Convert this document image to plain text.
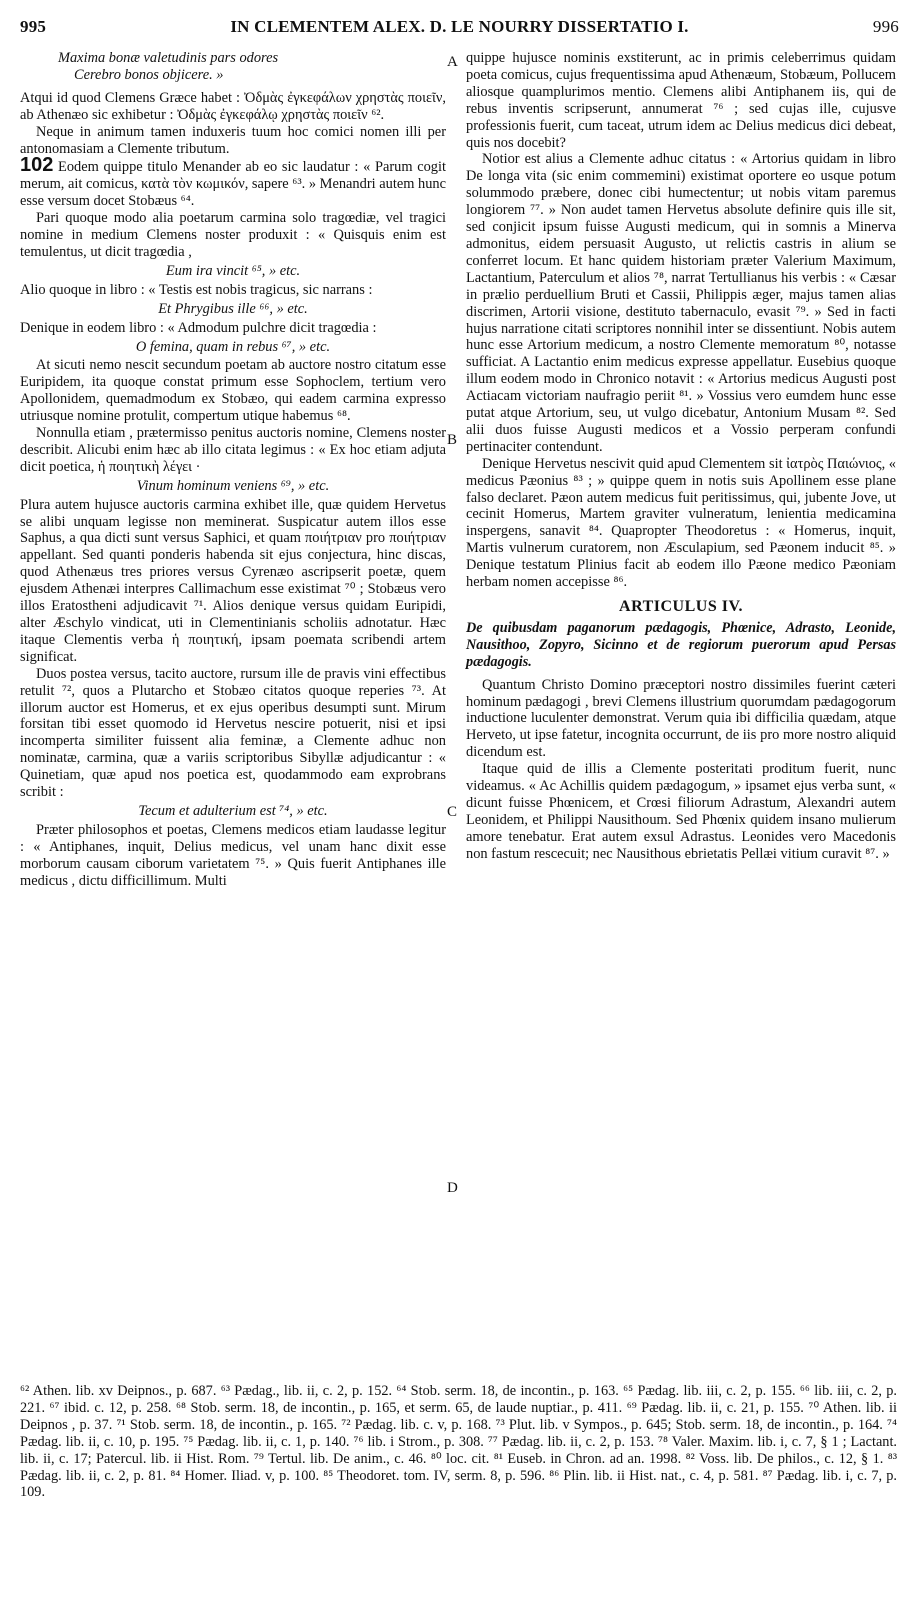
995	IN CLEMENTEM ALEX. D. LE NOURRY DISSERTATIO I.	996
A
B
C
D
Maxima bonæ valetudinis pars odores
Cerebro bonos objicere. »

Atqui id quod Clemens Græce habet : Ὀδμὰς ἐγκεφάλων χρηστὰς ποιεῖν, ab Athenæo sic exhibetur : Ὀδμὰς ἐγκεφάλῳ χρηστὰς ποιεῖν ⁶².

Neque in animum tamen induxeris tuum hoc comici nomen illi per antonomasiam a Clemente tributum.

102 Eodem quippe titulo Menander ab eo sic laudatur : « Parum cogit merum, ait comicus, κατὰ τὸν κωμικόν, sapere ⁶³. » Menandri autem hunc esse versum docet Stobæus ⁶⁴.

Pari quoque modo alia poetarum carmina solo tragœdiæ, vel tragici nomine in medium Clemens noster produxit : « Quisquis enim est temulentus, ut dicit tragœdia ,

Eum ira vincit ⁶⁵, » etc.

Alio quoque in libro : « Testis est nobis tragicus, sic narrans :

Et Phrygibus ille ⁶⁶, » etc.

Denique in eodem libro : « Admodum pulchre dicit tragœdia :

O femina, quam in rebus ⁶⁷, » etc.

At sicuti nemo nescit secundum poetam ab auctore nostro citatum esse Euripidem, ita quoque constat primum esse Sophoclem, tertium vero Apollonidem, quemadmodum ex Stobæo, qui eadem carmina expresso utriusque nomine protulit, compertum utique habemus ⁶⁸.

Nonnulla etiam , prætermisso penitus auctoris nomine, Clemens noster describit. Alicubi enim hæc ab illo citata legimus : « Ex hoc etiam adjuta dicit poetica, ἡ ποιητικὴ λέγει ·

Vinum hominum veniens ⁶⁹, » etc.

Plura autem hujusce auctoris carmina exhibet ille, quæ quidem Hervetus se alibi unquam legisse non meminerat. Suspicatur autem illos esse Saphus, a qua dicti sunt versus Saphici, et quam ποιήτριαν pro ποιήτριαν appellant. Sed quanti ponderis habenda sit ejus conjectura, hinc discas, quod Athenæus tres priores versus Cyrenæo ascripserit poetæ, quem ejusdem Athenæi interpres Callimachum esse existimat ⁷⁰ ; Stobæus vero illos Eratostheni adjudicavit ⁷¹. Alios denique versus quidam Euripidi, alter Æschylo vindicat, uti in Clementinianis scholiis adnotatur. Hæc itaque Clementis verba ἡ ποιητική, ipsam poemata scribendi artem significat.

Duos postea versus, tacito auctore, rursum ille de pravis vini effectibus retulit ⁷², quos a Plutarcho et Stobæo citatos quoque reperies ⁷³. At illorum auctor est Homerus, et ex ejus operibus desumpti sunt. Mirum forsitan tibi esset quomodo id Hervetus nescire potuerit, nisi et ipsi incomperta similiter fuissent alia feminæ, a Clemente adhuc non nominatæ, carmina, quæ a variis scriptoribus Sibyllæ adjudicantur : « Quinetiam, quæ apud nos poetica est, quodammodo eam exprobrans scribit :

Tecum et adulterium est ⁷⁴, » etc.

Præter philosophos et poetas, Clemens medicos etiam laudasse legitur : « Antiphanes, inquit, Delius medicus, vel unam hanc dixit esse morborum causam ciborum varietatem ⁷⁵. » Quis fuerit Antiphanes ille medicus , dictu difficillimum. Multi

quippe hujusce nominis exstiterunt, ac in primis celeberrimus quidam poeta comicus, cujus frequentissima apud Athenæum, Stobæum, Pollucem aliosque quamplurimos mentio. Clemens alibi Antiphanem iis, qui de rebus inventis scripserunt, annumerat ⁷⁶ ; sed cujas ille, cujusve professionis fuerit, cum taceat, utrum idem ac Delius medicus dici debeat, quis nos docebit?

Notior est alius a Clemente adhuc citatus : « Artorius quidam in libro De longa vita (sic enim commemini) existimat oportere eo usque potum solummodo præbere, donec cibi humectentur; ut nobis vitam paremus longiorem ⁷⁷. » Non audet tamen Hervetus absolute definire quis ille sit, sed conjicit ipsum fuisse Augusti medicum, qui in somnis a Minerva admonitus, eidem persuasit Augusto, ut relictis castris in alium se conferret locum. Et hanc quidem historiam præter Valerium Maximum, Lactantium, Paterculum et alios ⁷⁸, narrat Tertullianus his verbis : « Cæsar in prælio perduellium Bruti et Cassii, Philippis æger, majus tamen alias discrimen, Artorii visione, destituto tabernaculo, evasit ⁷⁹. » Sed in facti hujus narratione citati scriptores nonnihil inter se dissentiunt. Nobis autem hunc esse Artorium medicum, a nostro Clemente memoratum ⁸⁰, notasse sufficiat. A Lactantio enim medicus expresse appellatur. Eusebius quoque illum eodem modo in Chronico notavit : « Artorius medicus Augusti post Actiacam victoriam naufragio periit ⁸¹. » Vossius vero eumdem hunc esse putat atque Artorium, seu, ut vulgo dicebatur, Antonium Musam ⁸². Sed alii duos fuisse Augusti medicos et a Vossio perperam confundi pertinaciter contendunt.

Denique Hervetus nescivit quid apud Clementem sit ἰατρὸς Παιώνιος, « medicus Pæonius ⁸³ ; » quippe quem in notis suis Apollinem esse plane falso declaret. Pæon autem medicus fuit peritissimus, qui, jubente Jove, ut cecinit Homerus, Martem graviter vulneratum, lenientia medicamina inspergens, sanavit ⁸⁴. Quapropter Theodoretus : « Homerus, inquit, Martis vulnerum curatorem, non Æsculapium, sed Pæonem inducit ⁸⁵. » Denique testatum Plinius facit ab eodem illo Pæone medico Pæoniam herbam nomen accepisse ⁸⁶.

ARTICULUS IV.
De quibusdam paganorum pædagogis, Phœnice, Adrasto, Leonide, Nausithoo, Zopyro, Sicinno et de regiorum puerorum apud Persas pædagogis.

Quantum Christo Domino præceptori nostro dissimiles fuerint cæteri hominum pædagogi , brevi Clemens illustrium quorumdam pædagogorum inductione luculenter demonstrat. Verum quia ibi difficilia quædam, atque Herveto, ut ipse fatetur, incognita occurrunt, de iis pro more nostro aliquid dicendum est.

Itaque quid de illis a Clemente posteritati proditum fuerit, nunc videamus. « Ac Achillis quidem pædagogum, » ipsamet ejus verba sunt, « dicunt fuisse Phœnicem, et Crœsi filiorum Adrastum, Alexandri autem Leonidem, et Philippi Nausithoum. Sed Phœnix quidem insano mulierum amore tenebatur. Erat autem exsul Adrastus. Leonides vero Macedonis non fastum rescecuit; nec Nausithous ebrietatis Pellæi vitium curavit ⁸⁷. »

⁶² Athen. lib. xv Deipnos., p. 687. ⁶³ Pædag., lib. ii, c. 2, p. 152. ⁶⁴ Stob. serm. 18, de incontin., p. 163. ⁶⁵ Pædag. lib. iii, c. 2, p. 155. ⁶⁶ lib. iii, c. 2, p. 221. ⁶⁷ ibid. c. 12, p. 258. ⁶⁸ Stob. serm. 18, de incontin., p. 165, et serm. 65, de laude nuptiar., p. 411. ⁶⁹ Pædag. lib. ii, c. 21, p. 155. ⁷⁰ Athen. lib. ii Deipnos , p. 37. ⁷¹ Stob. serm. 18, de incontin., p. 165. ⁷² Pædag. lib. c. v, p. 168. ⁷³ Plut. lib. v Sympos., p. 645; Stob. serm. 18, de incontin., p. 164. ⁷⁴ Pædag. lib. ii, c. 10, p. 195. ⁷⁵ Pædag. lib. ii, c. 1, p. 140. ⁷⁶ lib. i Strom., p. 308. ⁷⁷ Pædag. lib. ii, c. 2, p. 153. ⁷⁸ Valer. Maxim. lib. i, c. 7, § 1 ; Lactant. lib. ii, c. 17; Patercul. lib. ii Hist. Rom. ⁷⁹ Tertul. lib. De anim., c. 46. ⁸⁰ loc. cit. ⁸¹ Euseb. in Chron. ad an. 1998. ⁸² Voss. lib. De philos., c. 12, § 1. ⁸³ Pædag. lib. ii, c. 2, p. 81. ⁸⁴ Homer. Iliad. v, p. 100. ⁸⁵ Theodoret. tom. IV, serm. 8, p. 596. ⁸⁶ Plin. lib. ii Hist. nat., c. 4, p. 581. ⁸⁷ Pædag. lib. i, c. 7, p. 109.
